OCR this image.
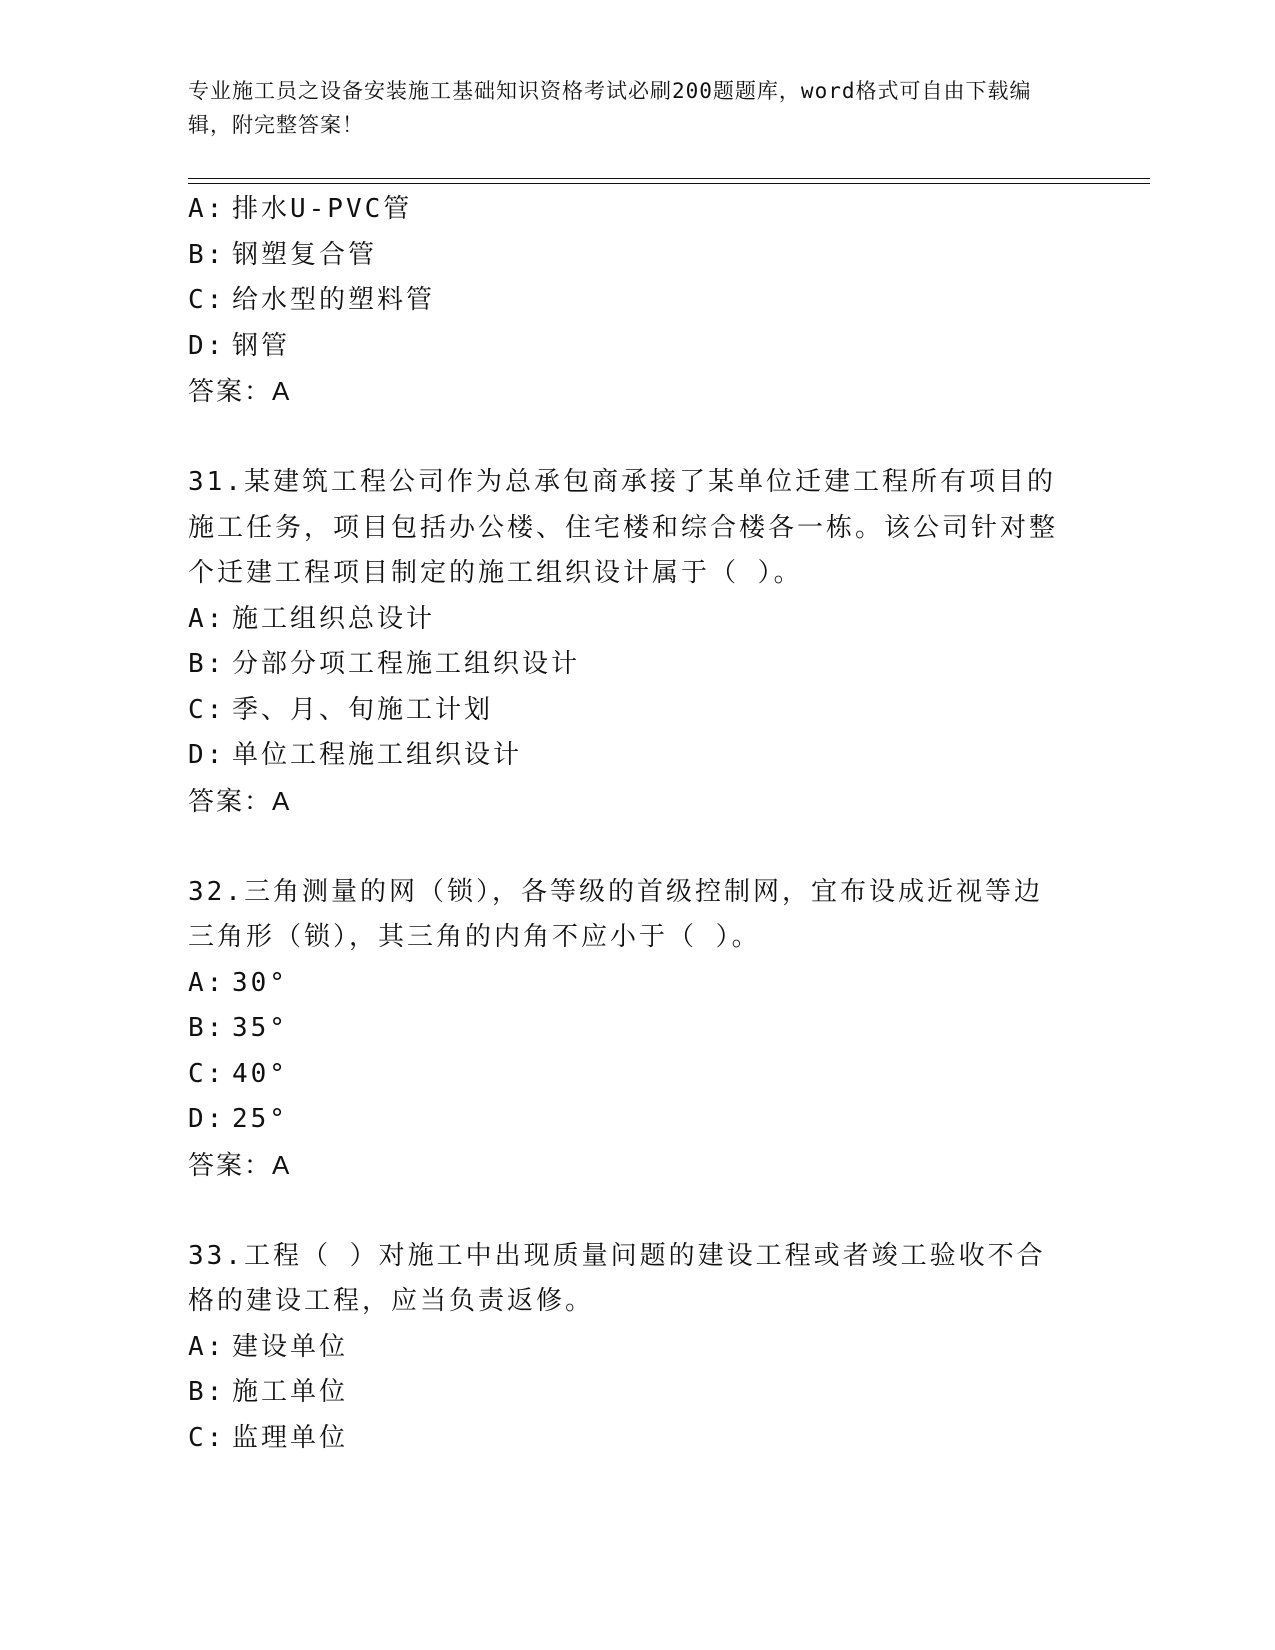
专业施工员之设备安装施工基础知识资格考试必刷200题题库，word格式可自由下载编辑，附完整答案！
A: 排水U-PVC管
B: 钢塑复合管
C: 给水型的塑料管
D: 钢管
答案：A
31.某建筑工程公司作为总承包商承接了某单位迁建工程所有项目的施工任务，项目包括办公楼、住宅楼和综合楼各一栋。该公司针对整个迁建工程项目制定的施工组织设计属于（ ）。
A: 施工组织总设计
B: 分部分项工程施工组织设计
C: 季、月、旬施工计划
D: 单位工程施工组织设计
答案：A
32.三角测量的网（锁），各等级的首级控制网，宜布设成近视等边三角形（锁），其三角的内角不应小于（ ）。
A: 30°
B: 35°
C: 40°
D: 25°
答案：A
33.工程（ ）对施工中出现质量问题的建设工程或者竣工验收不合格的建设工程，应当负责返修。
A: 建设单位
B: 施工单位
C: 监理单位
